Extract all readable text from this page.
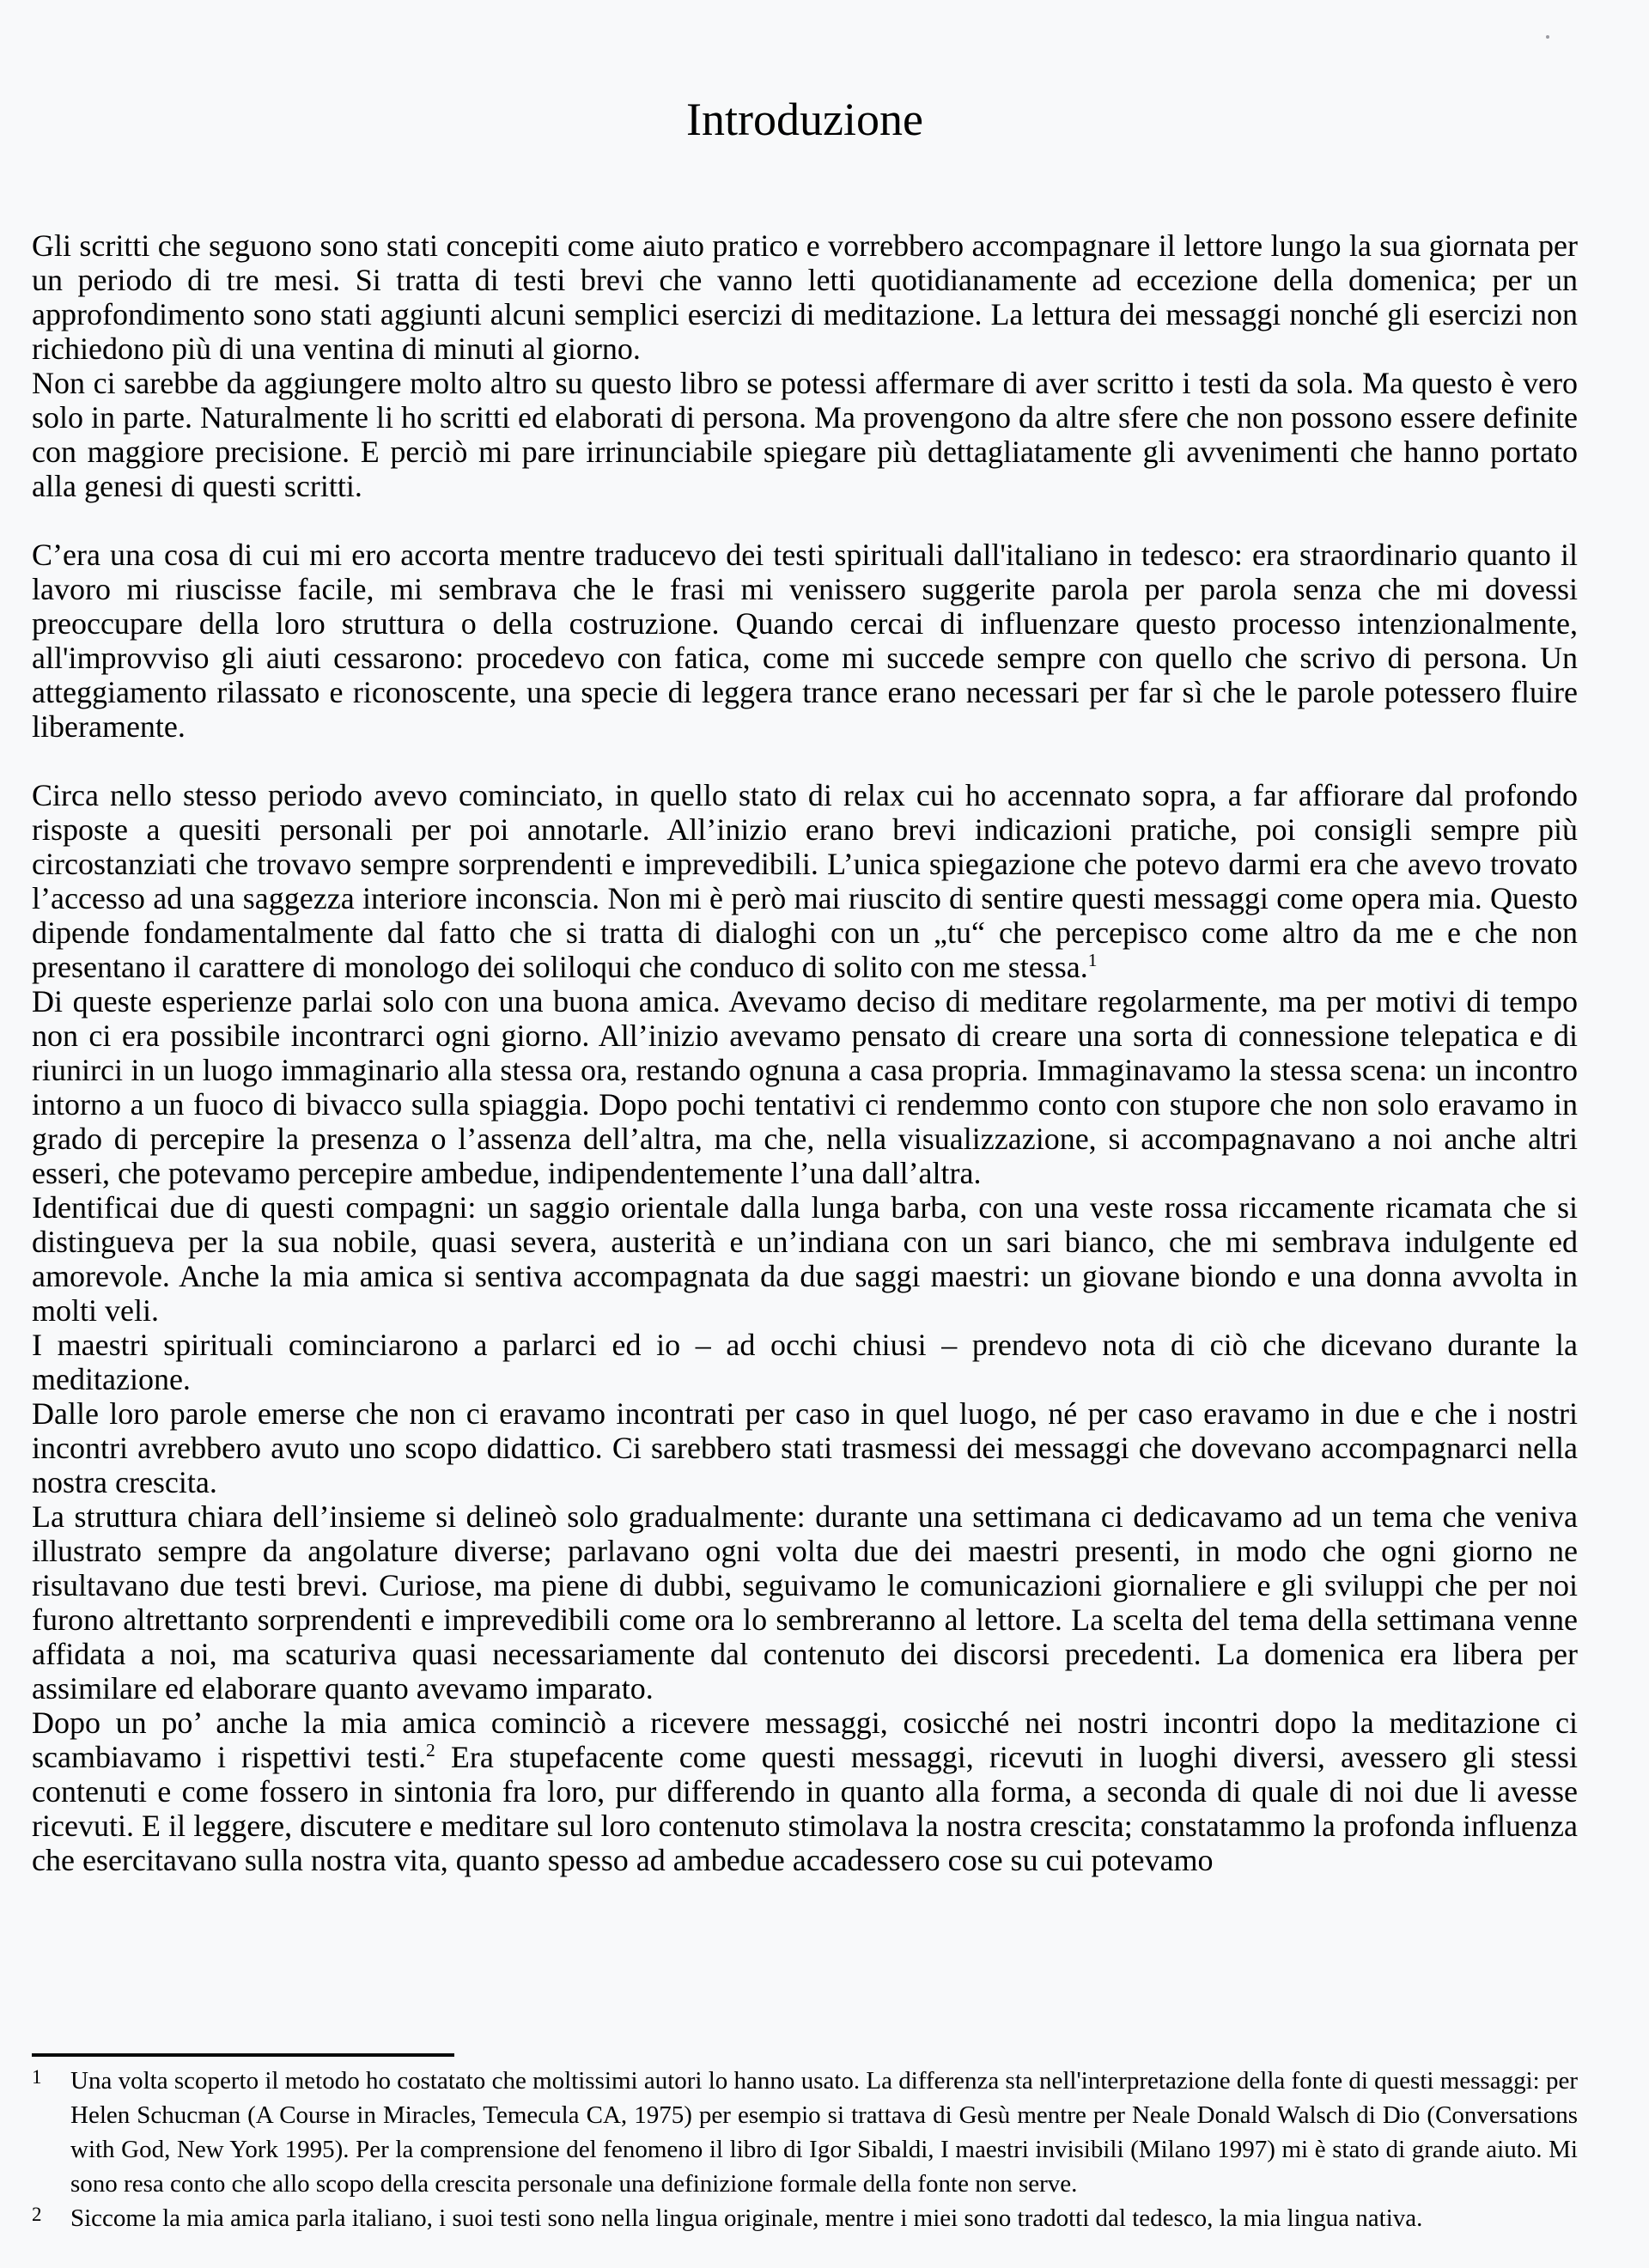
Introduzione

Gli scritti che seguono sono stati concepiti come aiuto pratico e vorrebbero accompagnare il lettore lungo la sua giornata per un periodo di tre mesi. Si tratta di testi brevi che vanno letti quotidianamente ad eccezione della domenica; per un approfondimento sono stati aggiunti alcuni semplici esercizi di meditazione. La lettura dei messaggi nonché gli esercizi non richiedono più di una ventina di minuti al giorno.

Non ci sarebbe da aggiungere molto altro su questo libro se potessi affermare di aver scritto i testi da sola. Ma questo è vero solo in parte. Naturalmente li ho scritti ed elaborati di persona. Ma provengono da altre sfere che non possono essere definite con maggiore precisione. E perciò mi pare irrinunciabile spiegare più dettagliatamente gli avvenimenti che hanno portato alla genesi di questi scritti.

C’era una cosa di cui mi ero accorta mentre traducevo dei testi spirituali dall'italiano in tedesco: era straordinario quanto il lavoro mi riuscisse facile, mi sembrava che le frasi mi venissero suggerite parola per parola senza che mi dovessi preoccupare della loro struttura o della costruzione. Quando cercai di influenzare questo processo intenzionalmente, all'improvviso gli aiuti cessarono: procedevo con fatica, come mi succede sempre con quello che scrivo di persona. Un atteggiamento rilassato e riconoscente, una specie di leggera trance erano necessari per far sì che le parole potessero fluire liberamente.

Circa nello stesso periodo avevo cominciato, in quello stato di relax cui ho accennato sopra, a far affiorare dal profondo risposte a quesiti personali per poi annotarle. All’inizio erano brevi indicazioni pratiche, poi consigli sempre più circostanziati che trovavo sempre sorprendenti e imprevedibili. L’unica spiegazione che potevo darmi era che avevo trovato l’accesso ad una saggezza interiore inconscia. Non mi è però mai riuscito di sentire questi messaggi come opera mia. Questo dipende fondamentalmente dal fatto che si tratta di dialoghi con un „tu“ che percepisco come altro da me e che non presentano il carattere di monologo dei soliloqui che conduco di solito con me stessa.$^1$

Di queste esperienze parlai solo con una buona amica. Avevamo deciso di meditare regolarmente, ma per motivi di tempo non ci era possibile incontrarci ogni giorno. All’inizio avevamo pensato di creare una sorta di connessione telepatica e di riunirci in un luogo immaginario alla stessa ora, restando ognuna a casa propria. Immaginavamo la stessa scena: un incontro intorno a un fuoco di bivacco sulla spiaggia. Dopo pochi tentativi ci rendemmo conto con stupore che non solo eravamo in grado di percepire la presenza o l’assenza dell’altra, ma che, nella visualizzazione, si accompagnavano a noi anche altri esseri, che potevamo percepire ambedue, indipendentemente l’una dall’altra.

Identificai due di questi compagni: un saggio orientale dalla lunga barba, con una veste rossa riccamente ricamata che si distingueva per la sua nobile, quasi severa, austerità e un’indiana con un sari bianco, che mi sembrava indulgente ed amorevole. Anche la mia amica si sentiva accompagnata da due saggi maestri: un giovane biondo e una donna avvolta in molti veli.

I maestri spirituali cominciarono a parlarci ed io – ad occhi chiusi – prendevo nota di ciò che dicevano durante la meditazione.

Dalle loro parole emerse che non ci eravamo incontrati per caso in quel luogo, né per caso eravamo in due e che i nostri incontri avrebbero avuto uno scopo didattico. Ci sarebbero stati trasmessi dei messaggi che dovevano accompagnarci nella nostra crescita.

La struttura chiara dell’insieme si delineò solo gradualmente: durante una settimana ci dedicavamo ad un tema che veniva illustrato sempre da angolature diverse; parlavano ogni volta due dei maestri presenti, in modo che ogni giorno ne risultavano due testi brevi. Curiose, ma piene di dubbi, seguivamo le comunicazioni giornaliere e gli sviluppi che per noi furono altrettanto sorprendenti e imprevedibili come ora lo sembreranno al lettore. La scelta del tema della settimana venne affidata a noi, ma scaturiva quasi necessariamente dal contenuto dei discorsi precedenti. La domenica era libera per assimilare ed elaborare quanto avevamo imparato.

Dopo un po’ anche la mia amica cominciò a ricevere messaggi, cosicché nei nostri incontri dopo la meditazione ci scambiavamo i rispettivi testi.$^2$ Era stupefacente come questi messaggi, ricevuti in luoghi diversi, avessero gli stessi contenuti e come fossero in sintonia fra loro, pur differendo in quanto alla forma, a seconda di quale di noi due li avesse ricevuti. E il leggere, discutere e meditare sul loro contenuto stimolava la nostra crescita; constatammo la profonda influenza che esercitavano sulla nostra vita, quanto spesso ad ambedue accadessero cose su cui potevamo

1	Una volta scoperto il metodo ho costatato che moltissimi autori lo hanno usato. La differenza sta nell'interpretazione della fonte di questi messaggi: per Helen Schucman (A Course in Miracles, Temecula CA, 1975) per esempio si trattava di Gesù mentre per Neale Donald Walsch di Dio (Conversations with God, New York 1995). Per la comprensione del fenomeno il libro di Igor Sibaldi, I maestri invisibili (Milano 1997) mi è stato di grande aiuto. Mi sono resa conto che allo scopo della crescita personale una definizione formale della fonte non serve.
2	Siccome la mia amica parla italiano, i suoi testi sono nella lingua originale, mentre i miei sono tradotti dal tedesco, la mia lingua nativa.
